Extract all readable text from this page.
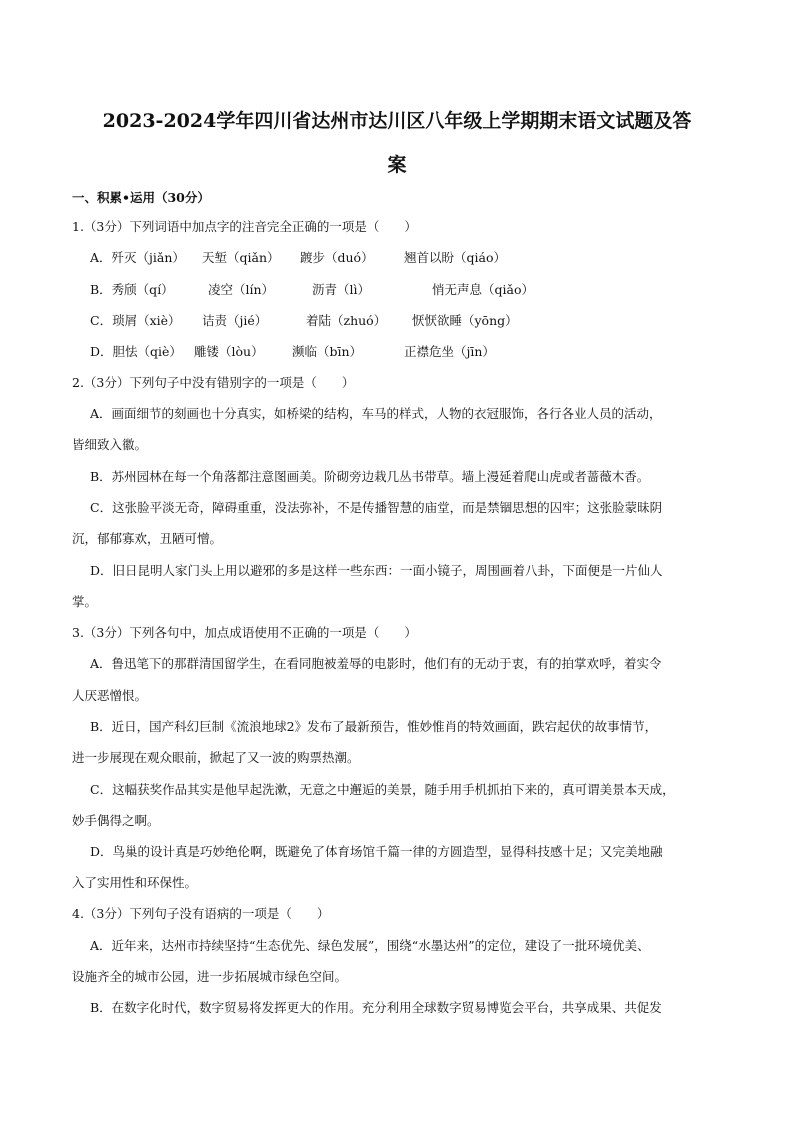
2023-2024学年四川省达州市达川区八年级上学期期末语文试题及答
案
一、积累•运用（30分）
1.（3分）下列词语中加点字的注音完全正确的一项是（　　）
A．歼灭（jiǎn） 天堑（qiǎn） 踱步（duó） 翘首以盼（qiáo）
B．秀颀（qí）	凌空（lín）	沥青（lì）	悄无声息（qiǎo）
C．琐屑（xiè） 诘责（jié）	着陆（zhuó） 恹恹欲睡（yōng）
D．胆怯（qiè） 雕镂（lòu） 濒临（bīn）	正襟危坐（jīn）
2.（3分）下列句子中没有错别字的一项是（　　）
A．画面细节的刻画也十分真实，如桥梁的结构，车马的样式，人物的衣冠服饰，各行各业人员的活动，
皆细致入徽。
B．苏州园林在每一个角落都注意图画美。阶砌旁边栽几丛书带草。墙上漫延着爬山虎或者蔷薇木香。
C．这张脸平淡无奇，障碍重重，没法弥补，不是传播智慧的庙堂，而是禁锢思想的囚牢；这张脸蒙昧阴
沉，郁郁寡欢，丑陋可憎。
D．旧日昆明人家门头上用以避邪的多是这样一些东西：一面小镜子，周围画着八卦，下面便是一片仙人
掌。
3.（3分）下列各句中，加点成语使用不正确的一项是（　　）
A．鲁迅笔下的那群清国留学生，在看同胞被羞辱的电影时，他们有的无动于衷，有的拍掌欢呼，着实令
人厌恶憎恨。
B．近日，国产科幻巨制《流浪地球2》发布了最新预告，惟妙惟肖的特效画面，跌宕起伏的故事情节，
进一步展现在观众眼前，掀起了又一波的购票热潮。
C．这幅获奖作品其实是他早起洗漱，无意之中邂逅的美景，随手用手机抓拍下来的，真可谓美景本天成，
妙手偶得之啊。
D．鸟巢的设计真是巧妙绝伦啊，既避免了体育场馆千篇一律的方圆造型，显得科技感十足；又完美地融
入了实用性和环保性。
4.（3分）下列句子没有语病的一项是（　　）
A．近年来，达州市持续坚持“生态优先、绿色发展”，围绕“水墨达州”的定位，建设了一批环境优美、
设施齐全的城市公园，进一步拓展城市绿色空间。
B．在数字化时代，数字贸易将发挥更大的作用。充分利用全球数字贸易博览会平台，共享成果、共促发
